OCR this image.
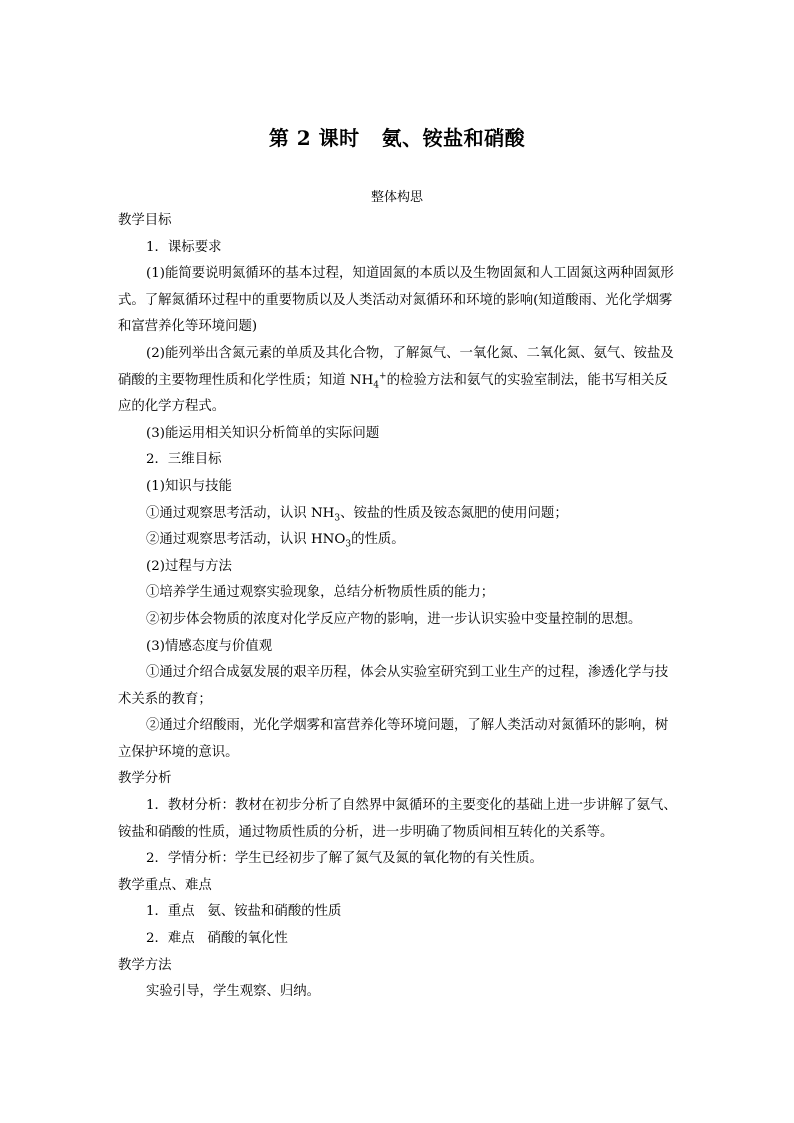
第 2 课时 氨、铵盐和硝酸
整体构思

教学目标

1．课标要求

(1)能简要说明氮循环的基本过程，知道固氮的本质以及生物固氮和人工固氮这两种固氮形式。了解氮循环过程中的重要物质以及人类活动对氮循环和环境的影响(知道酸雨、光化学烟雾和富营养化等环境问题)

(2)能列举出含氮元素的单质及其化合物，了解氮气、一氧化氮、二氧化氮、氨气、铵盐及硝酸的主要物理性质和化学性质；知道 $NH_4^+$的检验方法和氨气的实验室制法，能书写相关反应的化学方程式。

(3)能运用相关知识分析简单的实际问题

2．三维目标

(1)知识与技能

①通过观察思考活动，认识 $NH_3$、铵盐的性质及铵态氮肥的使用问题；

②通过观察思考活动，认识 $HNO_3$的性质。

(2)过程与方法

①培养学生通过观察实验现象，总结分析物质性质的能力；

②初步体会物质的浓度对化学反应产物的影响，进一步认识实验中变量控制的思想。

(3)情感态度与价值观

①通过介绍合成氨发展的艰辛历程，体会从实验室研究到工业生产的过程，渗透化学与技术关系的教育；

②通过介绍酸雨，光化学烟雾和富营养化等环境问题，了解人类活动对氮循环的影响，树立保护环境的意识。

教学分析

1．教材分析：教材在初步分析了自然界中氮循环的主要变化的基础上进一步讲解了氨气、铵盐和硝酸的性质，通过物质性质的分析，进一步明确了物质间相互转化的关系等。

2．学情分析：学生已经初步了解了氮气及氮的氧化物的有关性质。

教学重点、难点

1．重点 氨、铵盐和硝酸的性质

2．难点 硝酸的氧化性

教学方法

实验引导，学生观察、归纳。
